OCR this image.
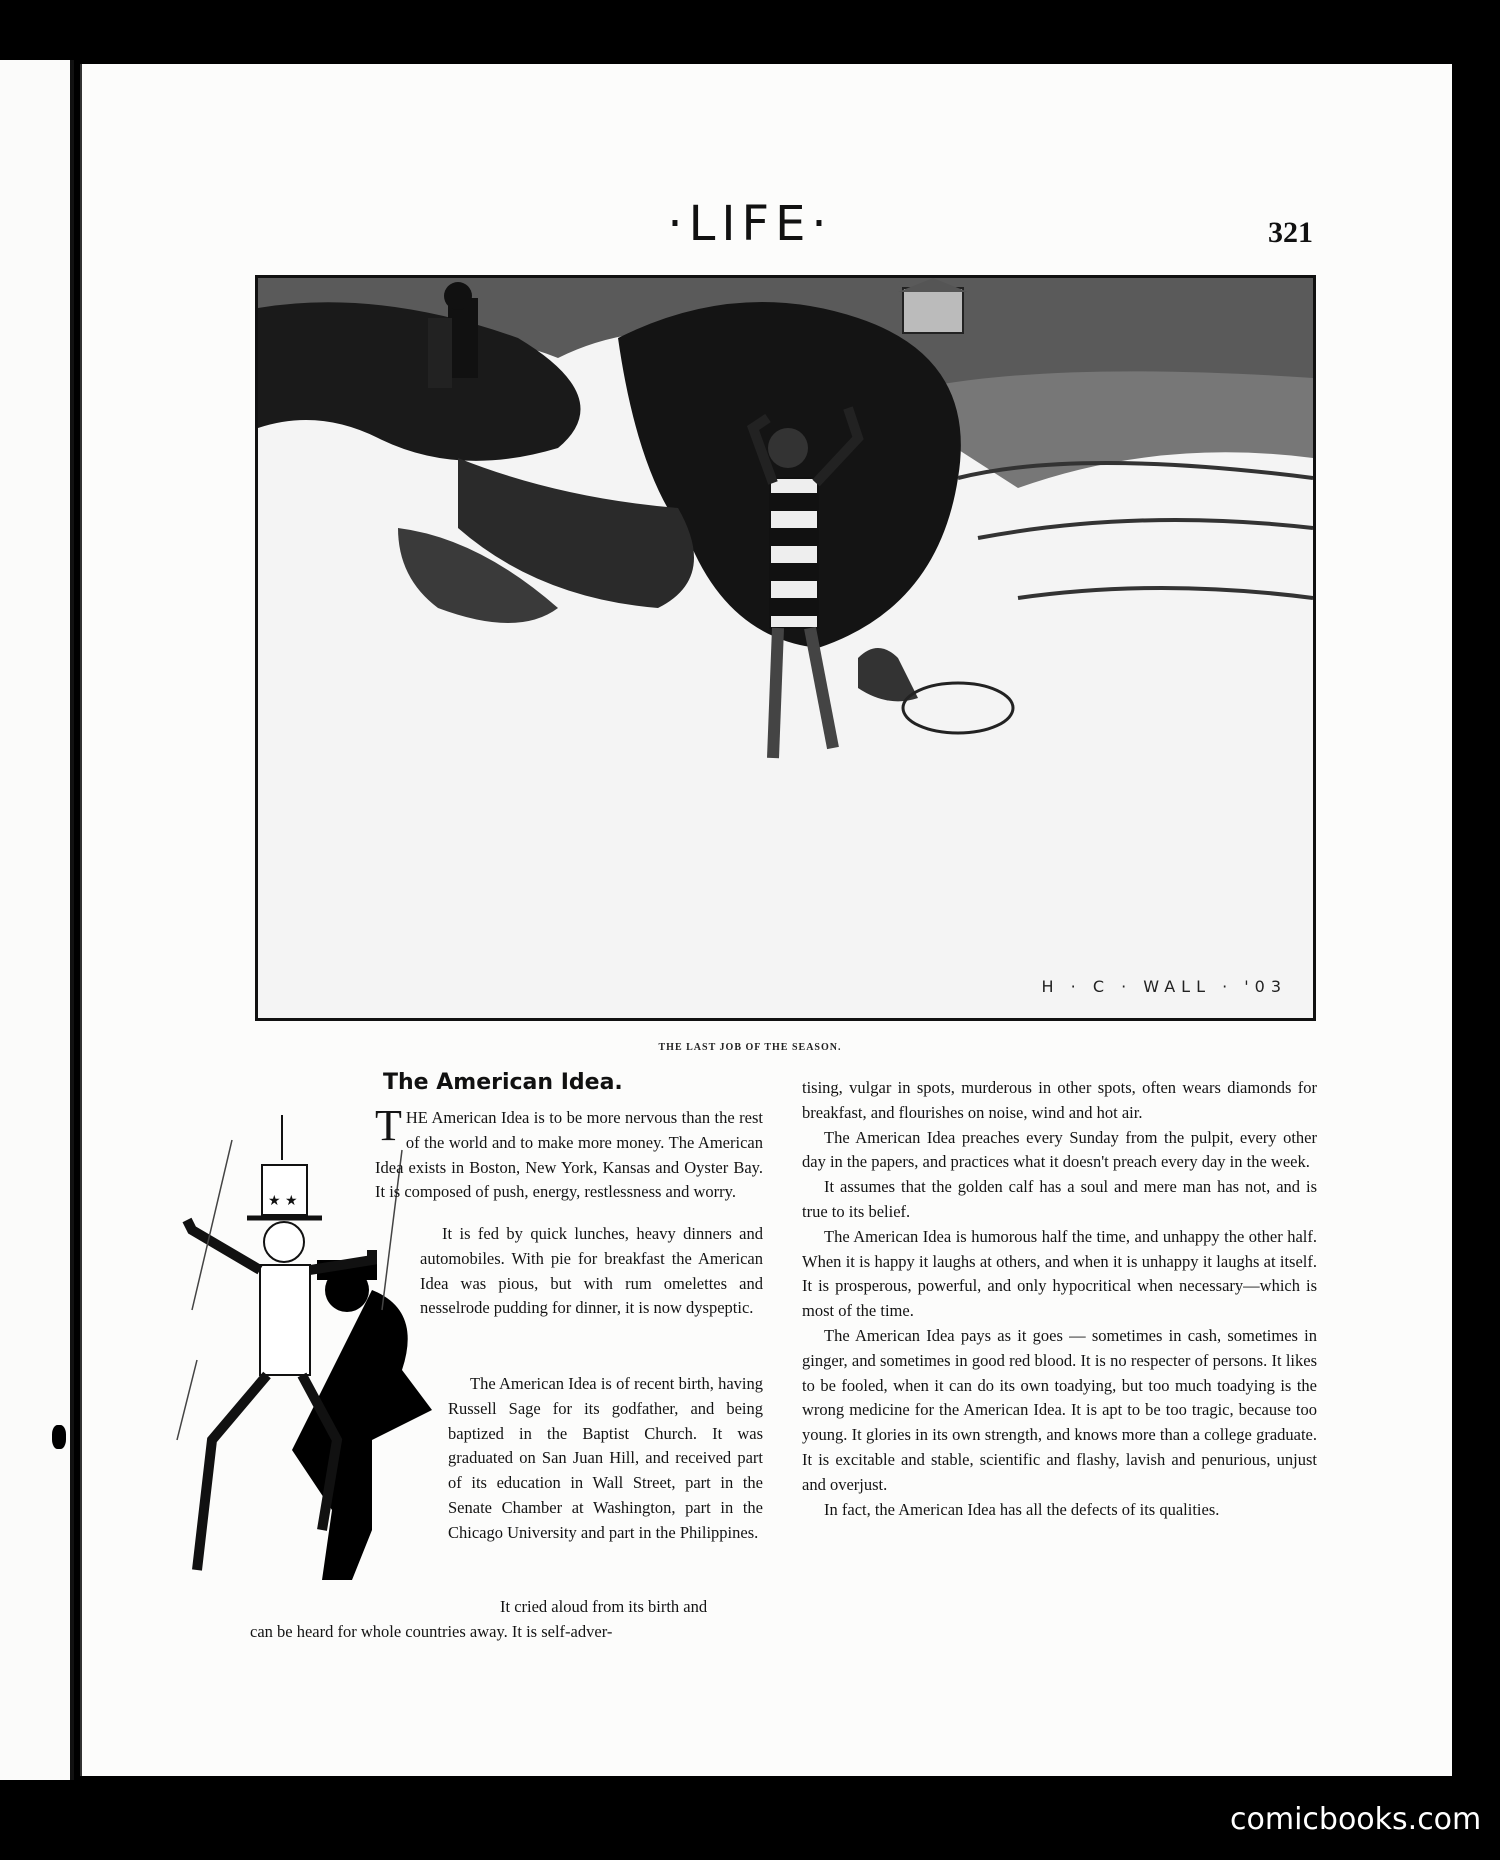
·LIFE·	321
H · C · WALL · '03
THE LAST JOB OF THE SEASON.
The American Idea.
★ ★

THE American Idea is to be more nervous than the rest of the world and to make more money. The American Idea exists in Boston, New York, Kansas and Oyster Bay. It is composed of push, energy, restlessness and worry.

It is fed by quick lunches, heavy dinners and automobiles. With pie for breakfast the American Idea was pious, but with rum omelettes and nesselrode pudding for dinner, it is now dyspeptic.

The American Idea is of recent birth, having Russell Sage for its godfather, and being baptized in the Baptist Church. It was graduated on San Juan Hill, and received part of its education in Wall Street, part in the Senate Chamber at Washington, part in the Chicago University and part in the Philippines.

It cried aloud from its birth and

can be heard for whole countries away. It is self-adver-

tising, vulgar in spots, murderous in other spots, often wears diamonds for breakfast, and flourishes on noise, wind and hot air.

The American Idea preaches every Sunday from the pulpit, every other day in the papers, and practices what it doesn't preach every day in the week.

It assumes that the golden calf has a soul and mere man has not, and is true to its belief.

The American Idea is humorous half the time, and unhappy the other half. When it is happy it laughs at others, and when it is unhappy it laughs at itself. It is prosperous, powerful, and only hypocritical when necessary—which is most of the time.

The American Idea pays as it goes — sometimes in cash, sometimes in ginger, and sometimes in good red blood. It is no respecter of persons. It likes to be fooled, when it can do its own toadying, but too much toadying is the wrong medicine for the American Idea. It is apt to be too tragic, because too young. It glories in its own strength, and knows more than a college graduate. It is excitable and stable, scientific and flashy, lavish and penurious, unjust and overjust.

In fact, the American Idea has all the defects of its qualities.

comicbooks.com
